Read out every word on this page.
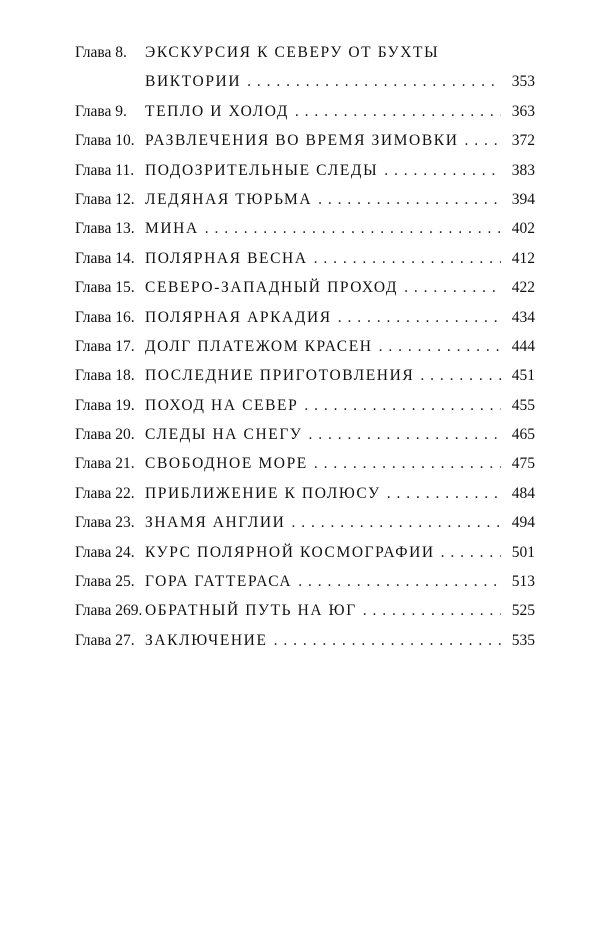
Глава 8.	ЭКСКУРСИЯ К СЕВЕРУ ОТ БУХТЫ
ВИКТОРИИ . . .	353
Глава 9.	ТЕПЛО И ХОЛОД . . .	363
Глава 10. РАЗВЛЕЧЕНИЯ ВО ВРЕМЯ ЗИМОВКИ . . .	372
Глава 11. ПОДОЗРИТЕЛЬНЫЕ СЛЕДЫ . . .	383
Глава 12. ЛЕДЯНАЯ ТЮРЬМА . . .	394
Глава 13. МИНА . . .	402
Глава 14. ПОЛЯРНАЯ ВЕСНА . . .	412
Глава 15. СЕВЕРО-ЗАПАДНЫЙ ПРОХОД . . .	422
Глава 16. ПОЛЯРНАЯ АРКАДИЯ . . .	434
Глава 17. ДОЛГ ПЛАТЕЖОМ КРАСЕН . . .	444
Глава 18. ПОСЛЕДНИЕ ПРИГОТОВЛЕНИЯ . . .	451
Глава 19. ПОХОД НА СЕВЕР . . .	455
Глава 20. СЛЕДЫ НА СНЕГУ . . .	465
Глава 21. СВОБОДНОЕ МОРЕ . . .	475
Глава 22. ПРИБЛИЖЕНИЕ К ПОЛЮСУ . . .	484
Глава 23. ЗНАМЯ АНГЛИИ . . .	494
Глава 24. КУРС ПОЛЯРНОЙ КОСМОГРАФИИ . . .	501
Глава 25. ГОРА ГАТТЕРАСА . . .	513
Глава 269. ОБРАТНЫЙ ПУТЬ НА ЮГ . . .	525
Глава 27. ЗАКЛЮЧЕНИЕ . . .	535
